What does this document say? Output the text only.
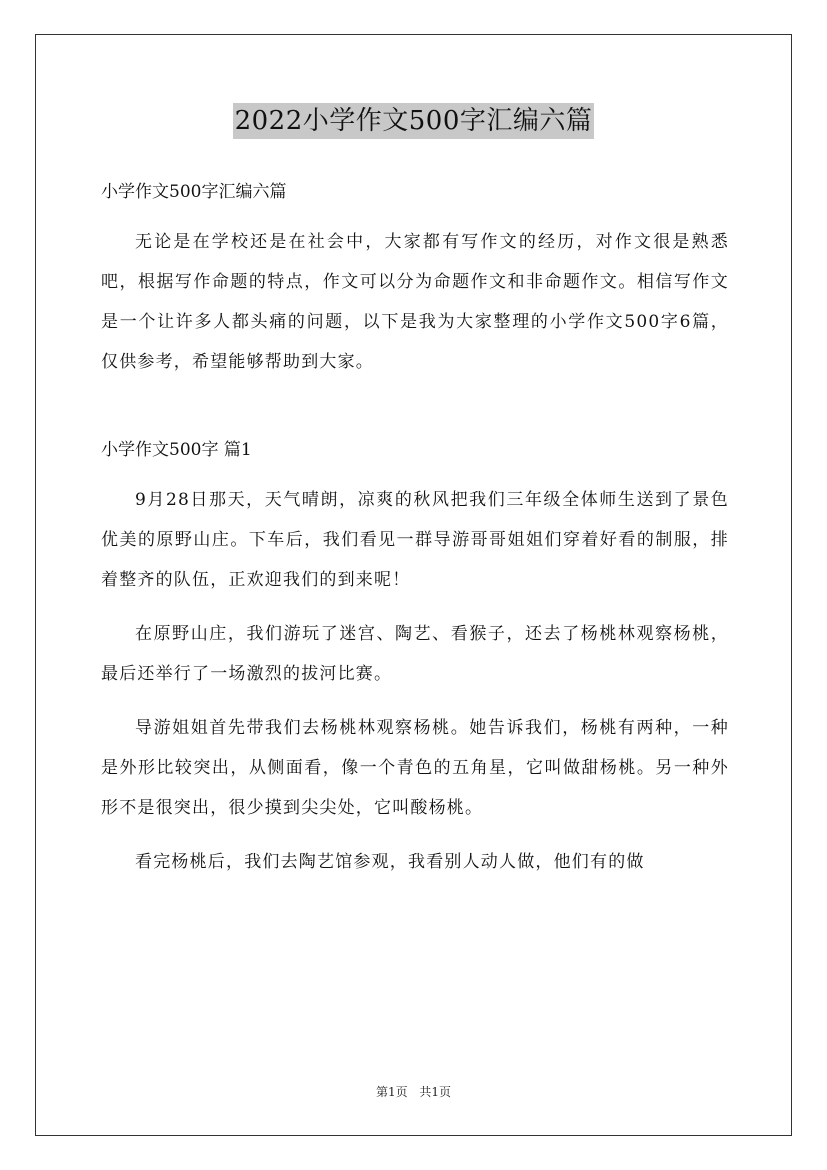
2022小学作文500字汇编六篇

小学作文500字汇编六篇

无论是在学校还是在社会中，大家都有写作文的经历，对作文很是熟悉吧，根据写作命题的特点，作文可以分为命题作文和非命题作文。相信写作文是一个让许多人都头痛的问题，以下是我为大家整理的小学作文500字6篇，仅供参考，希望能够帮助到大家。

小学作文500字 篇1

9月28日那天，天气晴朗，凉爽的秋风把我们三年级全体师生送到了景色优美的原野山庄。下车后，我们看见一群导游哥哥姐姐们穿着好看的制服，排着整齐的队伍，正欢迎我们的到来呢！

在原野山庄，我们游玩了迷宫、陶艺、看猴子，还去了杨桃林观察杨桃，最后还举行了一场激烈的拔河比赛。

导游姐姐首先带我们去杨桃林观察杨桃。她告诉我们，杨桃有两种，一种是外形比较突出，从侧面看，像一个青色的五角星，它叫做甜杨桃。另一种外形不是很突出，很少摸到尖尖处，它叫酸杨桃。

看完杨桃后，我们去陶艺馆参观，我看别人动人做，他们有的做

第1页 共1页
